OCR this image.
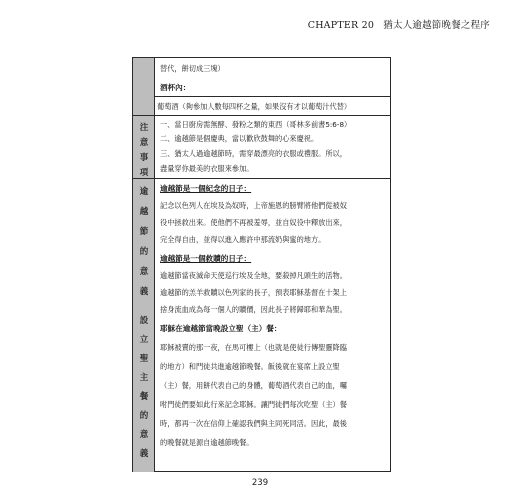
CHAPTER 20 猶太人逾越節晚餐之程序
替代，餅切成三塊）
酒杯內：
葡萄酒（夠參加人數每四杯之量，如果沒有才以葡萄汁代替）
注
意
事
項
一、當日廚房需無酵、發粉之類的東西（哥林多前書5:6-8）
二、逾越節是個慶典，當以歡欣鼓舞的心來慶祝。
三、猶太人過逾越節時，需穿最漂亮的衣服或禮服。所以，
盡量穿你最美的衣服來參加。
逾
越
節
的
意
義
設
立
聖
主
餐
的
意
義
逾越節是一個紀念的日子：
記念以色列人在埃及為奴時，上帝施恩的膀臂將他們從被奴
役中拯救出來。使他們不再被羞辱，並自奴役中釋放出來，
完全得自由，並得以進入應許中那流奶與蜜的地方。
逾越節是一個救贖的日子：
逾越節當夜滅命天使巡行埃及全地，要殺掉凡頭生的活物。
逾越節的羔羊救贖以色列家的長子，預表耶穌基督在十架上
捨身流血成為每一個人的贖價，因此長子將歸耶和華為聖。
耶穌在逾越節當晚設立聖（主）餐：
耶穌被賣的那一夜，在馬可樓上（也就是使徒行傳聖靈降臨
的地方）和門徒共進逾越節晚餐。飯後就在宴席上設立聖
（主）餐，用餅代表自己的身體，葡萄酒代表自己的血，囑
咐門徒們要如此行來記念耶穌。讓門徒們每次吃聖（主）餐
時，都再一次在信仰上確認我們與主同死同活。因此，最後
的晚餐就是源自逾越節晚餐。
239
